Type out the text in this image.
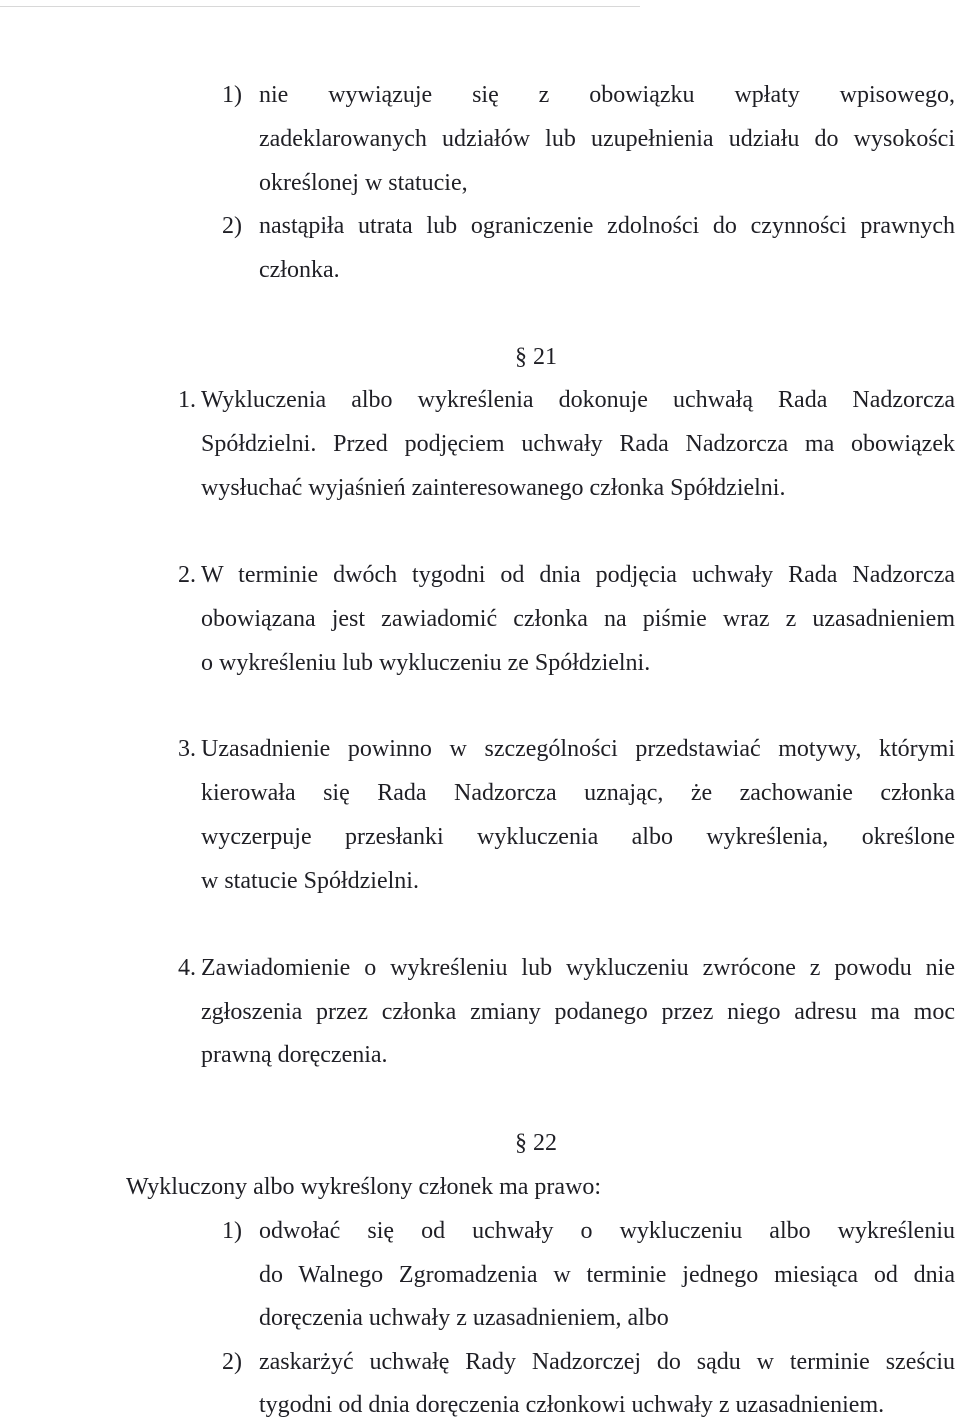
1) nie wywiązuje się z obowiązku wpłaty wpisowego,
zadeklarowanych udziałów lub uzupełnienia udziału do wysokości
określonej w statucie,
2) nastąpiła utrata lub ograniczenie zdolności do czynności prawnych
członka.
§ 21
1. Wykluczenia albo wykreślenia dokonuje uchwałą Rada Nadzorcza
Spółdzielni. Przed podjęciem uchwały Rada Nadzorcza ma obowiązek
wysłuchać wyjaśnień zainteresowanego członka Spółdzielni.
2. W terminie dwóch tygodni od dnia podjęcia uchwały Rada Nadzorcza
obowiązana jest zawiadomić członka na piśmie wraz z uzasadnieniem
o wykreśleniu lub wykluczeniu ze Spółdzielni.
3. Uzasadnienie powinno w szczególności przedstawiać motywy, którymi
kierowała się Rada Nadzorcza uznając, że zachowanie członka
wyczerpuje przesłanki wykluczenia albo wykreślenia, określone
w statucie Spółdzielni.
4. Zawiadomienie o wykreśleniu lub wykluczeniu zwrócone z powodu nie
zgłoszenia przez członka zmiany podanego przez niego adresu ma moc
prawną doręczenia.
§ 22
Wykluczony albo wykreślony członek ma prawo:
1) odwołać się od uchwały o wykluczeniu albo wykreśleniu
do Walnego Zgromadzenia w terminie jednego miesiąca od dnia
doręczenia uchwały z uzasadnieniem, albo
2) zaskarżyć uchwałę Rady Nadzorczej do sądu w terminie sześciu
tygodni od dnia doręczenia członkowi uchwały z uzasadnieniem.
